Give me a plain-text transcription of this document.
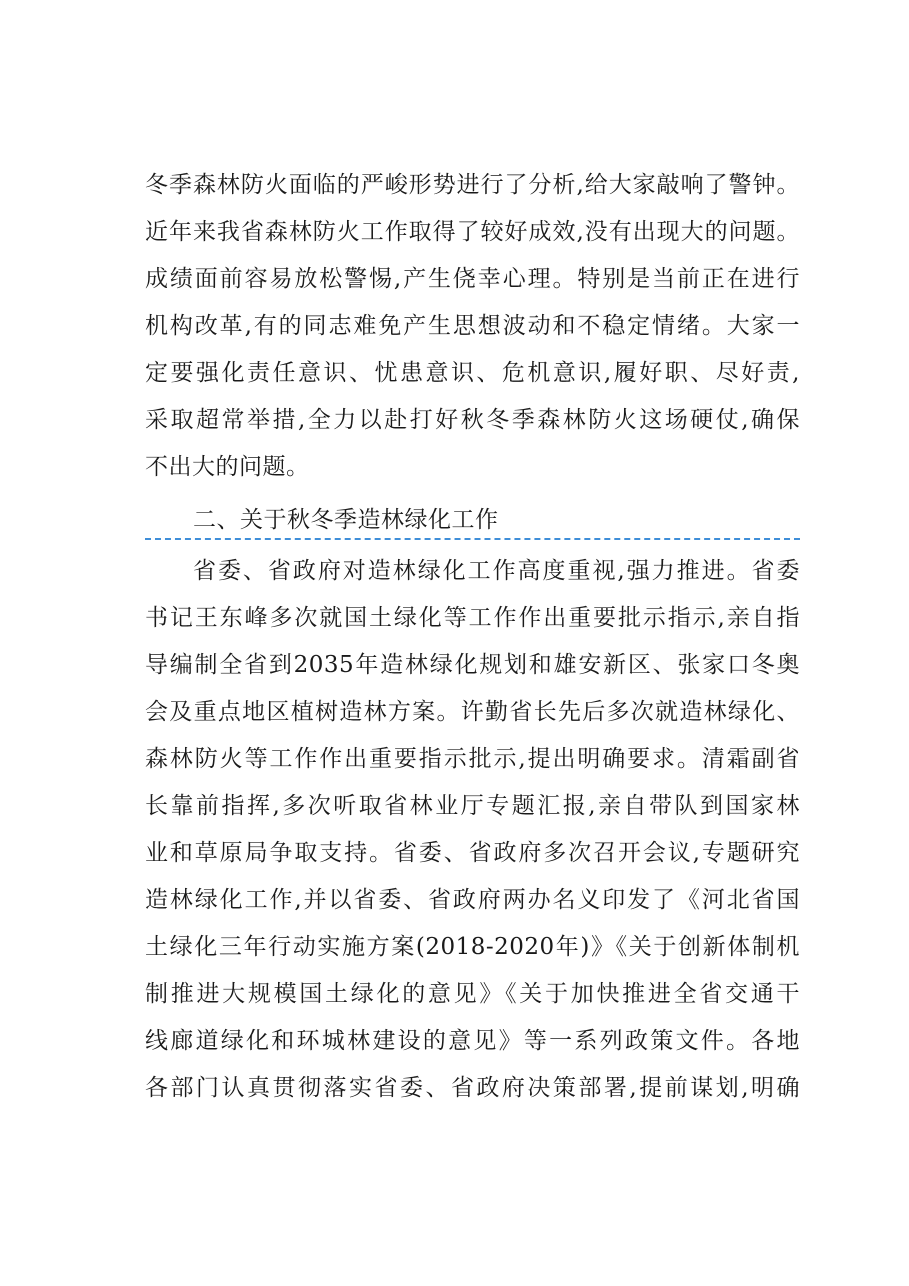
冬季森林防火面临的严峻形势进行了分析,给大家敲响了警钟。
近年来我省森林防火工作取得了较好成效,没有出现大的问题。
成绩面前容易放松警惕,产生侥幸心理。特别是当前正在进行
机构改革,有的同志难免产生思想波动和不稳定情绪。大家一
定要强化责任意识、忧患意识、危机意识,履好职、尽好责,
采取超常举措,全力以赴打好秋冬季森林防火这场硬仗,确保
不出大的问题。
二、关于秋冬季造林绿化工作
省委、省政府对造林绿化工作高度重视,强力推进。省委
书记王东峰多次就国土绿化等工作作出重要批示指示,亲自指
导编制全省到2035年造林绿化规划和雄安新区、张家口冬奥
会及重点地区植树造林方案。许勤省长先后多次就造林绿化、
森林防火等工作作出重要指示批示,提出明确要求。清霜副省
长靠前指挥,多次听取省林业厅专题汇报,亲自带队到国家林
业和草原局争取支持。省委、省政府多次召开会议,专题研究
造林绿化工作,并以省委、省政府两办名义印发了《河北省国
土绿化三年行动实施方案(2018-2020年)》《关于创新体制机
制推进大规模国土绿化的意见》《关于加快推进全省交通干
线廊道绿化和环城林建设的意见》等一系列政策文件。各地
各部门认真贯彻落实省委、省政府决策部署,提前谋划,明确
